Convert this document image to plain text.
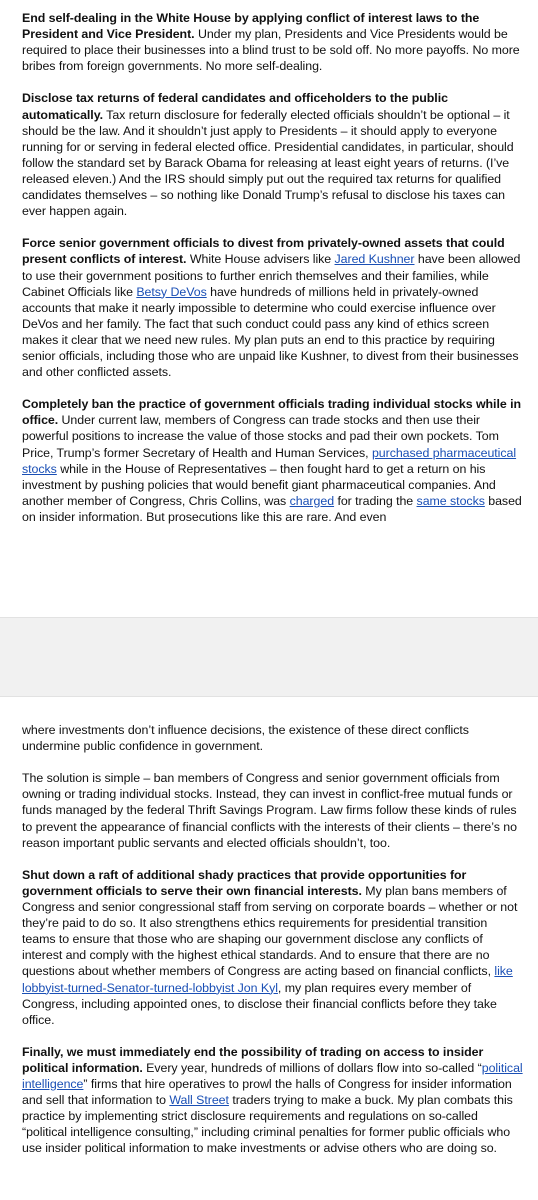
End self-dealing in the White House by applying conflict of interest laws to the President and Vice President. Under my plan, Presidents and Vice Presidents would be required to place their businesses into a blind trust to be sold off. No more payoffs. No more bribes from foreign governments. No more self-dealing.

Disclose tax returns of federal candidates and officeholders to the public automatically. Tax return disclosure for federally elected officials shouldn’t be optional – it should be the law. And it shouldn’t just apply to Presidents – it should apply to everyone running for or serving in federal elected office. Presidential candidates, in particular, should follow the standard set by Barack Obama for releasing at least eight years of returns. (I’ve released eleven.) And the IRS should simply put out the required tax returns for qualified candidates themselves – so nothing like Donald Trump’s refusal to disclose his taxes can ever happen again.

Force senior government officials to divest from privately-owned assets that could present conflicts of interest. White House advisers like Jared Kushner have been allowed to use their government positions to further enrich themselves and their families, while Cabinet Officials like Betsy DeVos have hundreds of millions held in privately-owned accounts that make it nearly impossible to determine who could exercise influence over DeVos and her family. The fact that such conduct could pass any kind of ethics screen makes it clear that we need new rules. My plan puts an end to this practice by requiring senior officials, including those who are unpaid like Kushner, to divest from their businesses and other conflicted assets.

Completely ban the practice of government officials trading individual stocks while in office. Under current law, members of Congress can trade stocks and then use their powerful positions to increase the value of those stocks and pad their own pockets. Tom Price, Trump’s former Secretary of Health and Human Services, purchased pharmaceutical stocks while in the House of Representatives – then fought hard to get a return on his investment by pushing policies that would benefit giant pharmaceutical companies. And another member of Congress, Chris Collins, was charged for trading the same stocks based on insider information. But prosecutions like this are rare. And even

where investments don’t influence decisions, the existence of these direct conflicts undermine public confidence in government.

The solution is simple – ban members of Congress and senior government officials from owning or trading individual stocks. Instead, they can invest in conflict-free mutual funds or funds managed by the federal Thrift Savings Program. Law firms follow these kinds of rules to prevent the appearance of financial conflicts with the interests of their clients – there’s no reason important public servants and elected officials shouldn’t, too.

Shut down a raft of additional shady practices that provide opportunities for government officials to serve their own financial interests. My plan bans members of Congress and senior congressional staff from serving on corporate boards – whether or not they’re paid to do so. It also strengthens ethics requirements for presidential transition teams to ensure that those who are shaping our government disclose any conflicts of interest and comply with the highest ethical standards. And to ensure that there are no questions about whether members of Congress are acting based on financial conflicts, like lobbyist-turned-Senator-turned-lobbyist Jon Kyl, my plan requires every member of Congress, including appointed ones, to disclose their financial conflicts before they take office.

Finally, we must immediately end the possibility of trading on access to insider political information. Every year, hundreds of millions of dollars flow into so-called “political intelligence” firms that hire operatives to prowl the halls of Congress for insider information and sell that information to Wall Street traders trying to make a buck. My plan combats this practice by implementing strict disclosure requirements and regulations on so-called “political intelligence consulting,” including criminal penalties for former public officials who use insider political information to make investments or advise others who are doing so.
